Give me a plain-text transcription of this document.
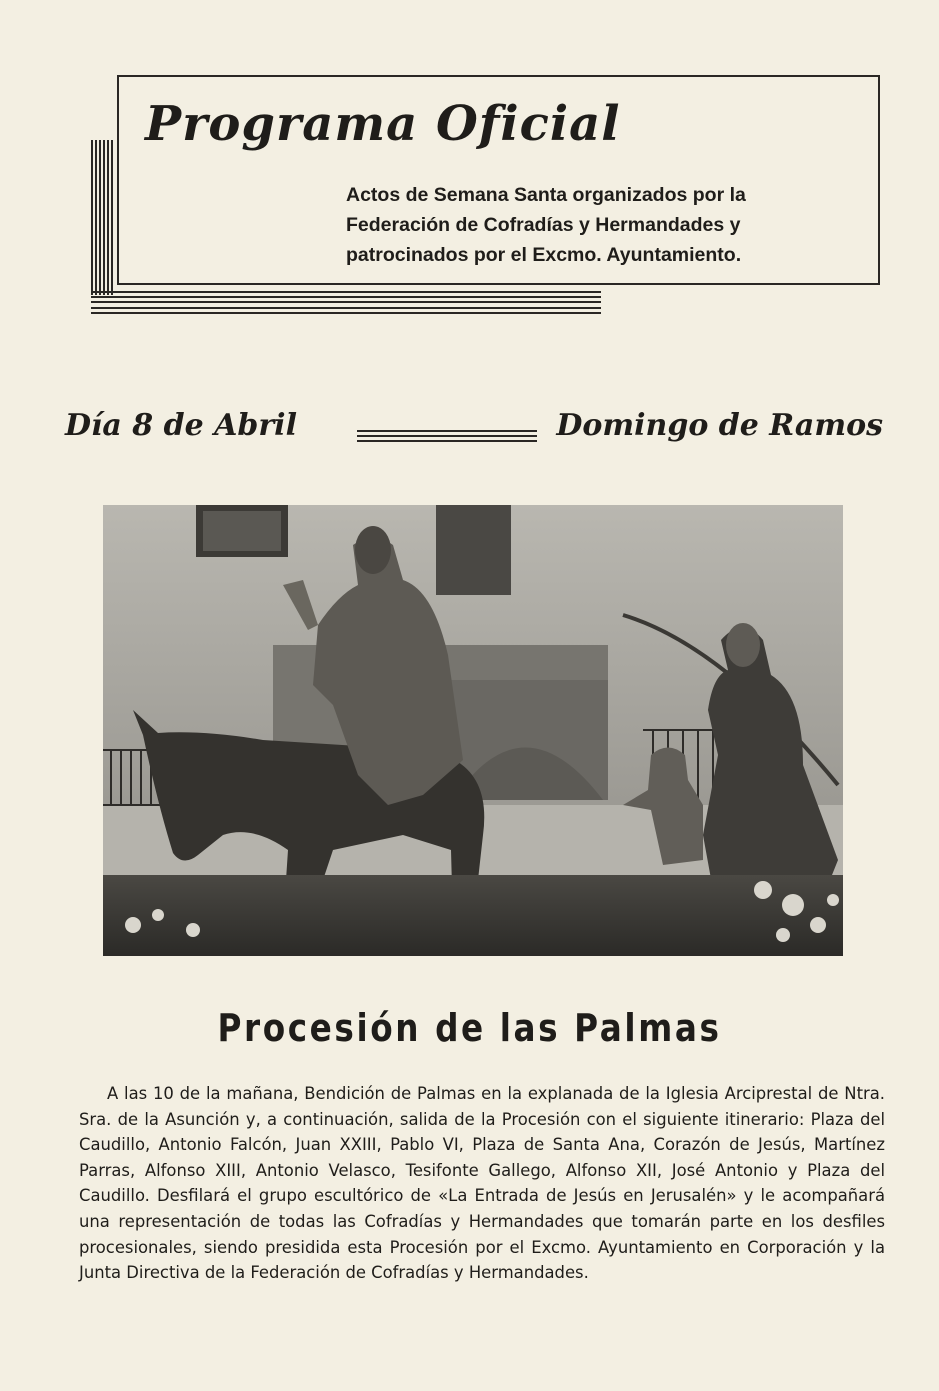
Programa Oficial
Actos de Semana Santa organizados por la
Federación de Cofradías y Hermandades y
patrocinados por el Excmo. Ayuntamiento.
Día 8 de Abril	Domingo de Ramos
Procesión de las Palmas

A las 10 de la mañana, Bendición de Palmas en la explanada de la Iglesia Arciprestal de Ntra. Sra. de la Asunción y, a continuación, salida de la Procesión con el siguiente itinerario: Plaza del Caudillo, Antonio Falcón, Juan XXIII, Pablo VI, Plaza de Santa Ana, Corazón de Jesús, Martínez Parras, Alfonso XIII, Antonio Velasco, Tesifonte Gallego, Alfonso XII, José Antonio y Plaza del Caudillo. Desfilará el grupo escultórico de «La Entrada de Jesús en Jerusalén» y le acompañará una representación de todas las Cofradías y Hermandades que tomarán parte en los desfiles procesionales, siendo presidida esta Procesión por el Excmo. Ayuntamiento en Corporación y la Junta Directiva de la Federación de Cofradías y Hermandades.
